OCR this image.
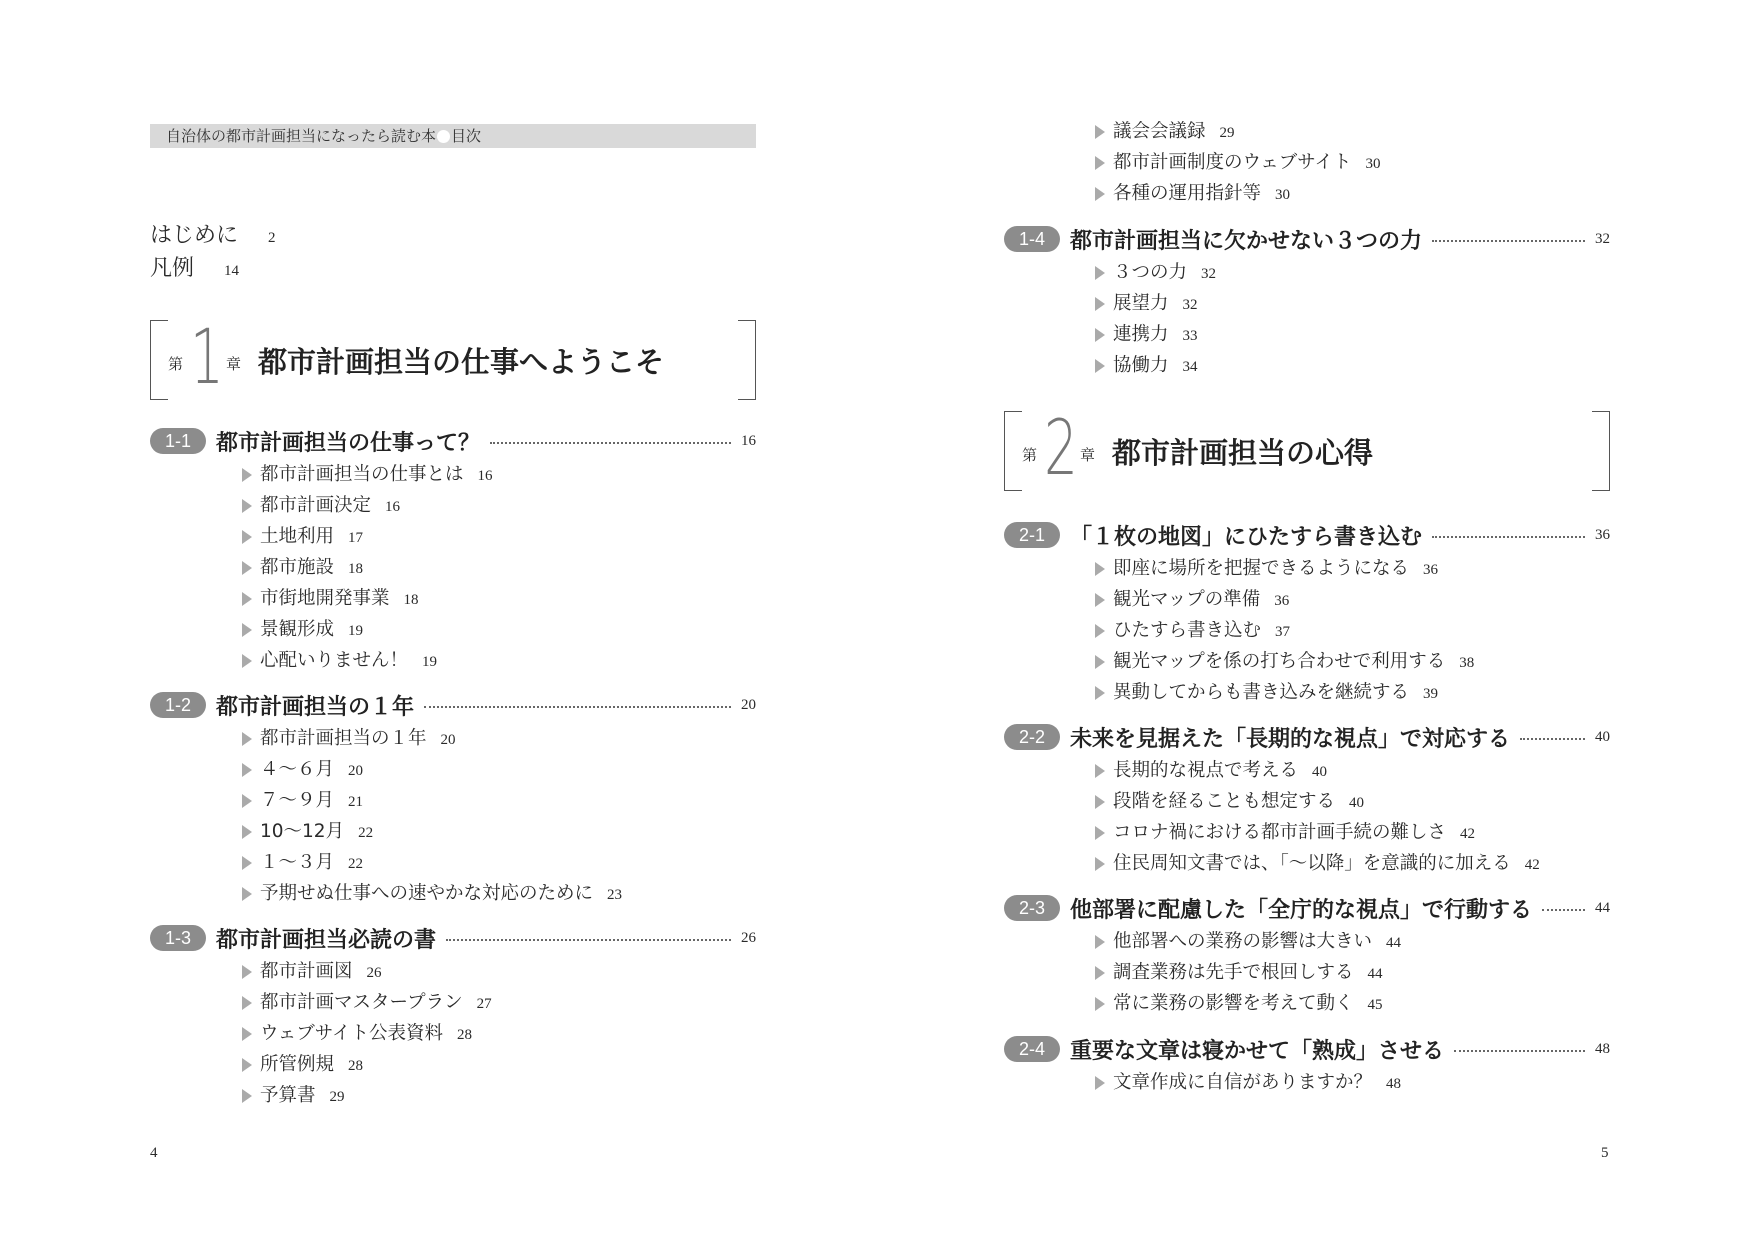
自治体の都市計画担当になったら読む本 目次
はじめに 2
凡例 14
第 1 章 都市計画担当の仕事へようこそ
1-1	都市計画担当の仕事って？	16
都市計画担当の仕事とは 16
都市計画決定 16
土地利用 17
都市施設 18
市街地開発事業 18
景観形成 19
心配いりません！ 19
1-2	都市計画担当の１年	20
都市計画担当の１年 20
４～６月 20
７～９月 21
10～12月 22
１～３月 22
予期せぬ仕事への速やかな対応のために 23
1-3	都市計画担当必読の書	26
都市計画図 26
都市計画マスタープラン 27
ウェブサイト公表資料 28
所管例規 28
予算書 29
4
議会会議録 29
都市計画制度のウェブサイト 30
各種の運用指針等 30
1-4	都市計画担当に欠かせない３つの力	32
３つの力 32
展望力 32
連携力 33
協働力 34
第 2 章 都市計画担当の心得
2-1	「１枚の地図」にひたすら書き込む	36
即座に場所を把握できるようになる 36
観光マップの準備 36
ひたすら書き込む 37
観光マップを係の打ち合わせで利用する 38
異動してからも書き込みを継続する 39
2-2	未来を見据えた「長期的な視点」で対応する	40
長期的な視点で考える 40
段階を経ることも想定する 40
コロナ禍における都市計画手続の難しさ 42
住民周知文書では、「～以降」を意識的に加える 42
2-3	他部署に配慮した「全庁的な視点」で行動する	44
他部署への業務の影響は大きい 44
調査業務は先手で根回しする 44
常に業務の影響を考えて動く 45
2-4	重要な文章は寝かせて「熟成」させる	48
文章作成に自信がありますか？ 48
5
